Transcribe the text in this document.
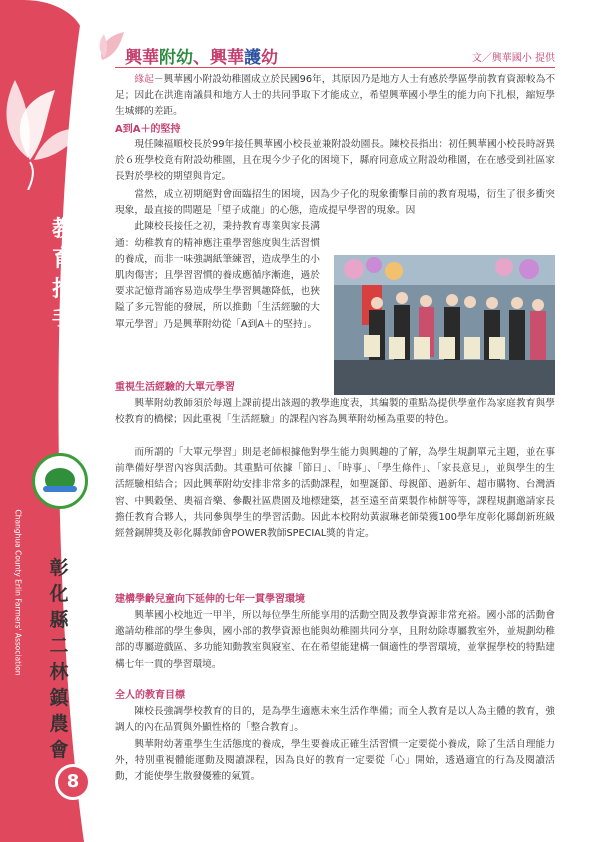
教
育
推
手
Changhua County Erlin Farmers' Association 彰
化
縣
二
林
鎮
農
會
8
興華附幼、興華護幼	文／興華國小 提供

緣起－興華國小附設幼稚園成立於民國96年，其原因乃是地方人士有感於學區學前教育資源較為不足；因此在洪進南議員和地方人士的共同爭取下才能成立，希望興華國小學生的能力向下扎根，縮短學生城鄉的差距。

A到A＋的堅持

現任陳福順校長於99年接任興華國小校長並兼附設幼園長。陳校長指出：初任興華國小校長時訝異於６班學校竟有附設幼稚園，且在現今少子化的困境下，縣府同意成立附設幼稚園，在在感受到社區家長對於學校的期望與肯定。

當然，成立初期絕對會面臨招生的困境，因為少子化的現象衝擊目前的教育現場，衍生了很多衝突現象，最直接的問題是「望子成龍」的心態，造成提早學習的現象。因
此陳校長接任之初，秉持教育專業與家長溝通：幼稚教育的精神應注重學習態度與生活習慣的養成，而非一味強調紙筆練習，造成學生的小肌肉傷害；且學習習慣的養成應循序漸進，過於要求記憶背誦容易造成學生學習興趣降低，也狹隘了多元智能的發展，所以推動「生活經驗的大單元學習」乃是興華附幼從「A到A＋的堅持」。

重視生活經驗的大單元學習

興華附幼教師須於每週上課前提出該週的教學進度表，其編製的重點為提供學童作為家庭教育與學校教育的橋樑；因此重視「生活經驗」的課程內容為興華附幼極為重要的特色。

而所謂的「大單元學習」則是老師根據他對學生能力與興趣的了解，為學生規劃單元主題，並在事前準備好學習內容與活動。其重點可依據「節日」、「時事」、「學生條件」、「家長意見」，並與學生的生活經驗相結合；因此興華附幼安排非常多的活動課程，如聖誕節、母親節、過新年、超市購物、台灣酒窖、中興穀堡、奧福音樂、參觀社區農園及地標建築，甚至遠至苗栗製作柿餅等等，課程規劃邀請家長擔任教育合夥人，共同參與學生的學習活動。因此本校附幼黃淑琳老師榮獲100學年度彰化縣創新班級經營銅牌獎及彰化縣教師會POWER教師SPECIAL獎的肯定。

建構學齡兒童向下延伸的七年一貫學習環境

興華國小校地近一甲半，所以每位學生所能享用的活動空間及教學資源非常充裕。國小部的活動會邀請幼稚部的學生參與，國小部的教學資源也能與幼稚園共同分享，且附幼除專屬教室外，並規劃幼稚部的專屬遊戲區、多功能知動教室與寢室、在在希望能建構一個適性的學習環境，並掌握學校的特點建構七年一貫的學習環境。

全人的教育目標

陳校長強調學校教育的目的，是為學生適應未來生活作準備；而全人教育是以人為主體的教育，強調人的內在品質與外顯性格的「整合教育」。

興華附幼著重學生生活態度的養成，學生要養成正確生活習慣一定要從小養成，除了生活自理能力外，特別重視體能運動及閱讀課程，因為良好的教育一定要從「心」開始，透過適宜的行為及閱讀活動，才能使學生散發優雅的氣質。
